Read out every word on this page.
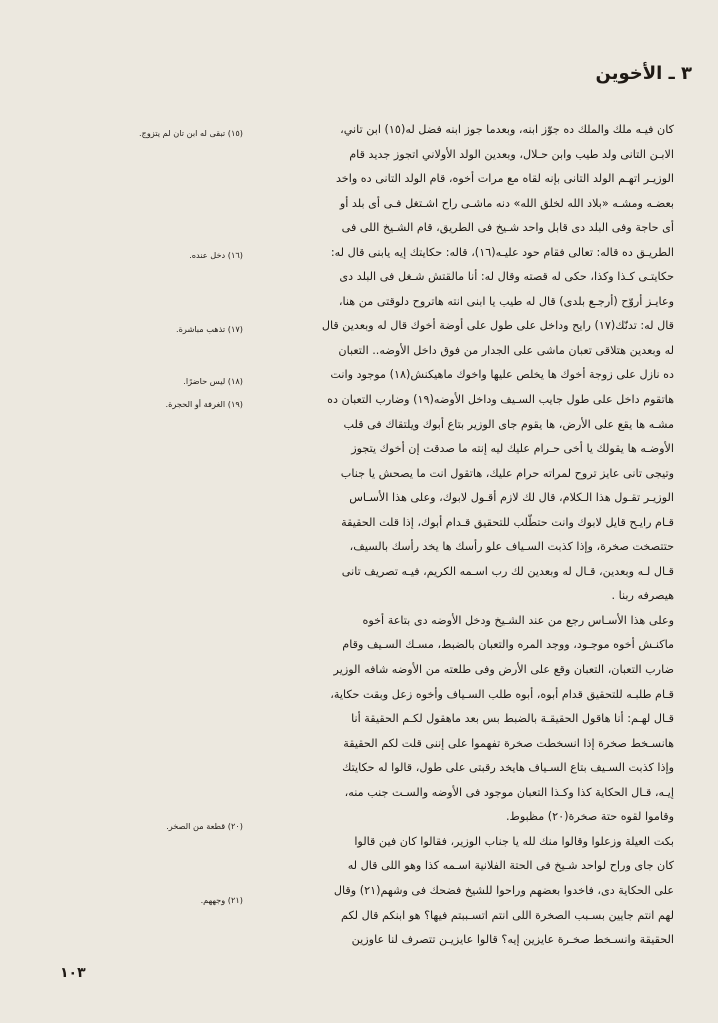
٣ ـ الأخوين
كان فيـه ملك والملك ده جوّز ابنه، وبعدما جوز ابنه فضل له(١٥) ابن تاني،
الابـن التانى ولد طيب وابن حـلال، وبعدين الولد الأولاني اتجوز جديد قام
الوزيـر اتهـم الولد التانى بإنه لقاه مع مرات أخوه، قام الولد التانى ده واخد
بعضـه ومشـه «بلاد الله لخلق الله» دنه ماشـى راح اشـتغل فـى أى بلد أو
أى حاجة وفى البلد دى قابل واحد شـيخ فى الطريق، قام الشـيخ اللى فى
الطريـق ده قاله: تعالى فقام حود عليـه(١٦)، قاله: حكايتك إيه يابنى قال له:
حكايتـى كـذا وكذا، حكى له قصته وقال له: أنا مالقتش شـغل فى البلد دى
وعايـز أروّح (أرجـع بلدى) قال له طيب يا ابنى انته هاتروح دلوقتى من هنا،
قال له: تدنّك(١٧) رايح وداخل على طول على أوضة أخوك قال له وبعدين قال
له وبعدين هتلاقى تعبان ماشى على الجدار من فوق داخل الأوضه.. التعبان
ده نازل على زوجة أخوك ها يخلص عليها واخوك ماهيكنش(١٨) موجود وانت
هاتقوم داخل على طول جايب السـيف وداخل الأوضه(١٩) وضارب التعبان ده
مشـه ها يقع على الأرض، ها يقوم جاى الوزير بتاع أبوك ويلتقاك فى قلب
الأوضـه ها يقولك يا أخى حـرام عليك ليه إنته ما صدقت إن أخوك يتجوز
وتيجى تانى عايز تروح لمراته حرام عليك، هاتقول انت ما يصحش يا جناب
الوزيـر تقـول هذا الـكلام، قال لك لازم أقـول لابوك، وعلى هذا الأسـاس
قـام رايـح قايل لابوك وانت حتطّلب للتحقيق قـدام أبوك، إذا قلت الحقيقة
حتتصخت صخرة، وإذا كذبت السـياف علو رأسك ها يخد رأسك بالسيف،
قـال لـه وبعدين، قـال له وبعدين لك رب اسـمه الكريم، فيـه تصريف تانى
هيصرفه ربنا .
وعلى هذا الأسـاس رجع من عند الشـيخ ودخل الأوضه دى بتاعة أخوه
ماكنـش أخوه موجـود، ووجد المره والتعبان بالضبط، مسـك السـيف وقام
ضارب التعبان، التعبان وقع على الأرض وفى طلعته من الأوضه شافه الوزير
قـام طلبـه للتحقيق قدام أبوه، أبوه طلب السـياف وأخوه زعل وبقت حكاية،
قـال لهـم: أنا هاقول الحقيقـة بالضبط بس بعد ماهقول لكـم الحقيقة أنا
هانسـخط صخرة إذا انسخطت صخرة تفهموا على إننى قلت لكم الحقيقة
وإذا كذبت السـيف بتاع السـياف هايخد رقبتى على طول، قالوا له حكايتك
إيـه، قـال الحكاية كذا وكـذا التعبان موجود فى الأوضه والسـت جنب منه،
وقاموا لقوه حتة صخرة(٢٠) مظبوط.
بكت العيلة وزعلوا وقالوا منك لله يا جناب الوزير، فقالوا كان فين قالوا
كان جاى وراح لواحد شـيخ فى الحتة الفلانية اسـمه كذا وهو اللى قال له
على الحكاية دى، فاخدوا بعضهم وراحوا للشيخ فضحك فى وشهم(٢١) وقال
لهم انتم جايين بسـبب الصخرة اللى انتم اتسـببتم فيها؟ هو ابنكم قال لكم
الحقيقة وانسـخط صخـرة عايزين إيه؟ قالوا عايزيـن تتصرف لنا عاوزين
(١٥) تبقى له ابن تان لم يتزوج.
(١٦) دخل عنده.
(١٧) تذهب مباشرة.
(١٨) ليس حاضرًا.
(١٩) الغرفة أو الحجرة.
(٢٠) قطعة من الصخر.
(٢١) وجههم.

١٠٣
